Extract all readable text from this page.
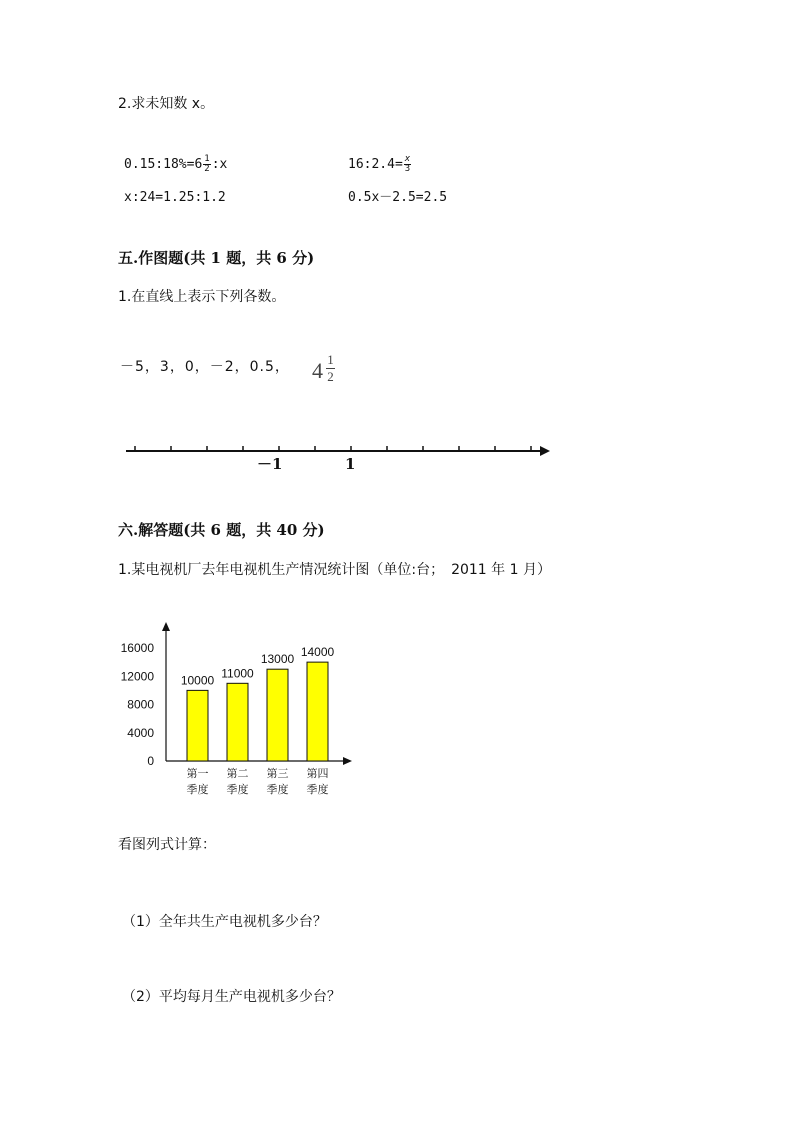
2.求未知数 x。
0.15:18%=6 $\frac{1}{2}$ :x	16:2.4= $\frac{x}{3}$
x:24=1.25:1.2	0.5x－2.5=2.5
五.作图题(共 1 题，共 6 分)
1.在直线上表示下列各数。
－5，3，0，－2，0.5， 4 1
2
－1	1
六.解答题(共 6 题，共 40 分)
1.某电视机厂去年电视机生产情况统计图（单位:台；　2011 年 1 月）
0
4000
8000
12000
16000
10000
第一
季度
11000
第二
季度
13000
第三
季度
14000
第四
季度
看图列式计算：
（1）全年共生产电视机多少台？
（2）平均每月生产电视机多少台？
